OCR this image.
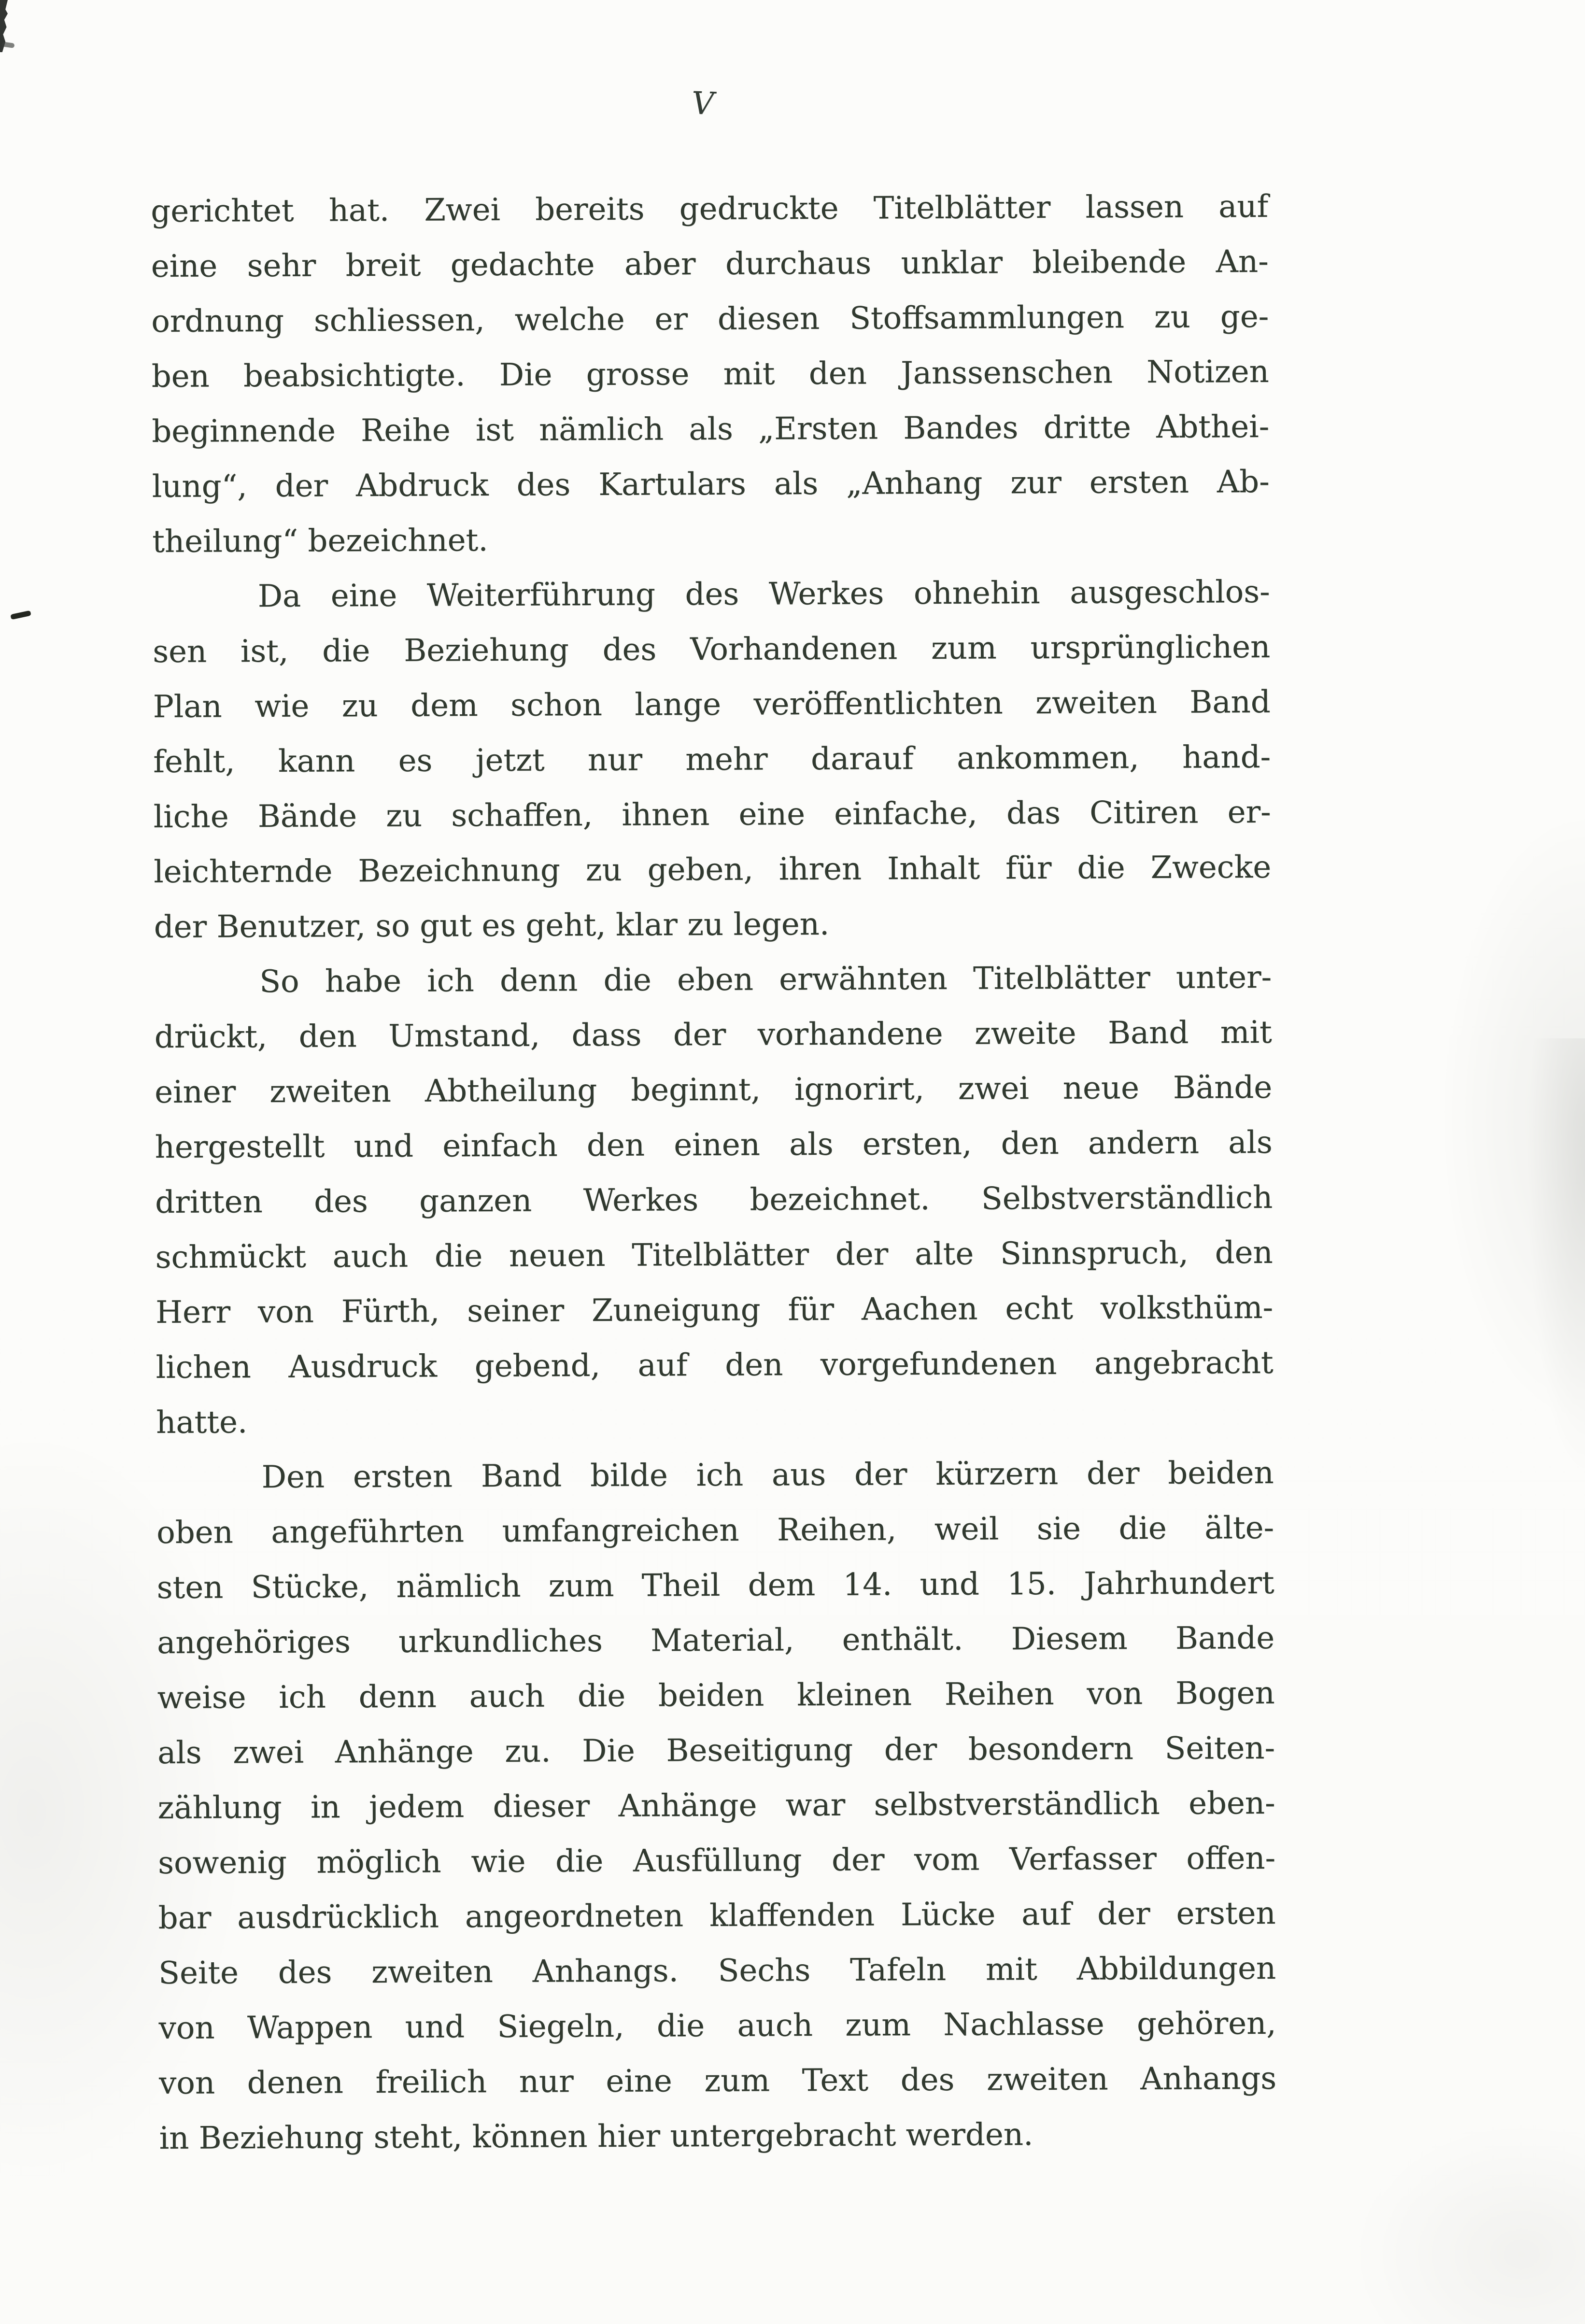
V
gerichtet hat. Zwei bereits gedruckte Titelblätter lassen auf
eine sehr breit gedachte aber durchaus unklar bleibende An-
ordnung schliessen, welche er diesen Stoffsammlungen zu ge-
ben beabsichtigte. Die grosse mit den Janssenschen Notizen
beginnende Reihe ist nämlich als „Ersten Bandes dritte Abthei-
lung“, der Abdruck des Kartulars als „Anhang zur ersten Ab-
theilung“ bezeichnet.
Da eine Weiterführung des Werkes ohnehin ausgeschlos-
sen ist, die Beziehung des Vorhandenen zum ursprünglichen
Plan wie zu dem schon lange veröffentlichten zweiten Band
fehlt, kann es jetzt nur mehr darauf ankommen, hand-
liche Bände zu schaffen, ihnen eine einfache, das Citiren er-
leichternde Bezeichnung zu geben, ihren Inhalt für die Zwecke
der Benutzer, so gut es geht, klar zu legen.
So habe ich denn die eben erwähnten Titelblätter unter-
drückt, den Umstand, dass der vorhandene zweite Band mit
einer zweiten Abtheilung beginnt, ignorirt, zwei neue Bände
hergestellt und einfach den einen als ersten, den andern als
dritten des ganzen Werkes bezeichnet. Selbstverständlich
schmückt auch die neuen Titelblätter der alte Sinnspruch, den
Herr von Fürth, seiner Zuneigung für Aachen echt volksthüm-
lichen Ausdruck gebend, auf den vorgefundenen angebracht
hatte.
Den ersten Band bilde ich aus der kürzern der beiden
oben angeführten umfangreichen Reihen, weil sie die älte-
sten Stücke, nämlich zum Theil dem 14. und 15. Jahrhundert
angehöriges urkundliches Material, enthält. Diesem Bande
weise ich denn auch die beiden kleinen Reihen von Bogen
als zwei Anhänge zu. Die Beseitigung der besondern Seiten-
zählung in jedem dieser Anhänge war selbstverständlich eben-
sowenig möglich wie die Ausfüllung der vom Verfasser offen-
bar ausdrücklich angeordneten klaffenden Lücke auf der ersten
Seite des zweiten Anhangs. Sechs Tafeln mit Abbildungen
von Wappen und Siegeln, die auch zum Nachlasse gehören,
von denen freilich nur eine zum Text des zweiten Anhangs
in Beziehung steht, können hier untergebracht werden.
